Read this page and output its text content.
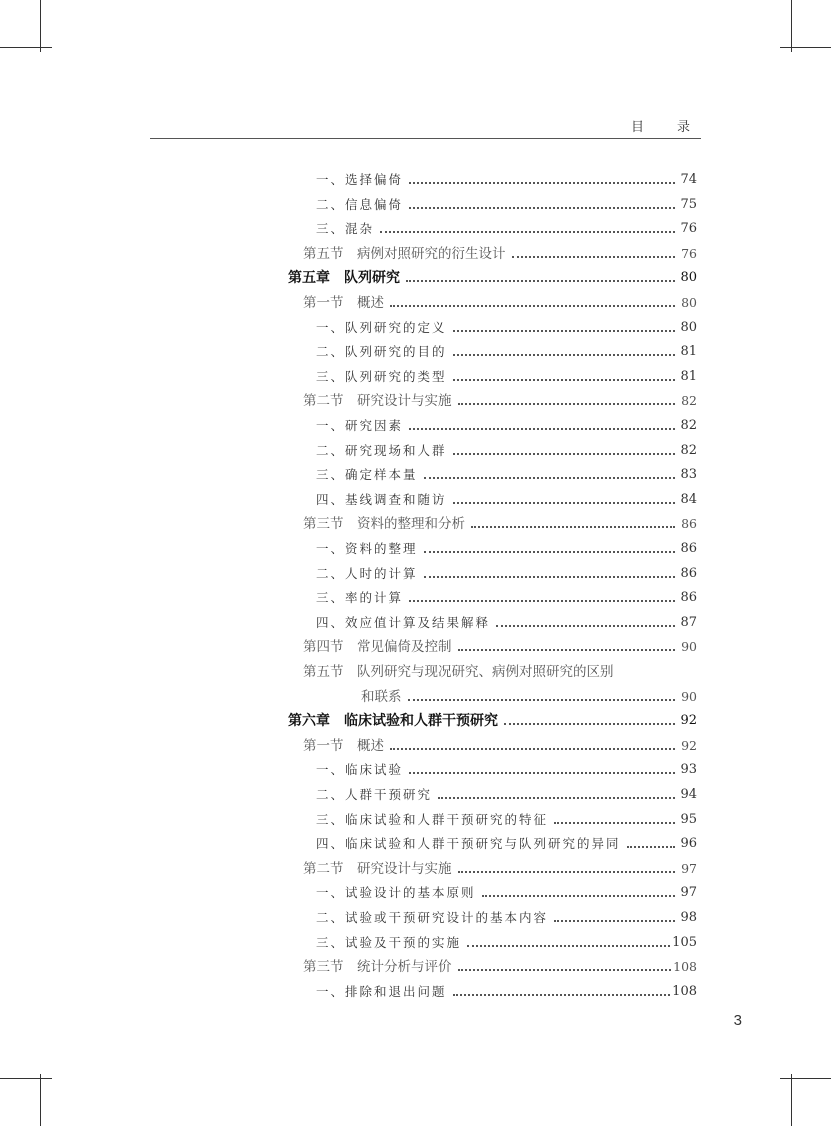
目　录
一、选择偏倚	74
二、信息偏倚	75
三、混杂	76
第五节　病例对照研究的衍生设计	76
第五章　队列研究	80
第一节　概述	80
一、队列研究的定义	80
二、队列研究的目的	81
三、队列研究的类型	81
第二节　研究设计与实施	82
一、研究因素	82
二、研究现场和人群	82
三、确定样本量	83
四、基线调查和随访	84
第三节　资料的整理和分析	86
一、资料的整理	86
二、人时的计算	86
三、率的计算	86
四、效应值计算及结果解释	87
第四节　常见偏倚及控制	90
第五节　队列研究与现况研究、病例对照研究的区别
和联系	90
第六章　临床试验和人群干预研究	92
第一节　概述	92
一、临床试验	93
二、人群干预研究	94
三、临床试验和人群干预研究的特征	95
四、临床试验和人群干预研究与队列研究的异同	96
第二节　研究设计与实施	97
一、试验设计的基本原则	97
二、试验或干预研究设计的基本内容	98
三、试验及干预的实施	105
第三节　统计分析与评价	108
一、排除和退出问题	108
3
